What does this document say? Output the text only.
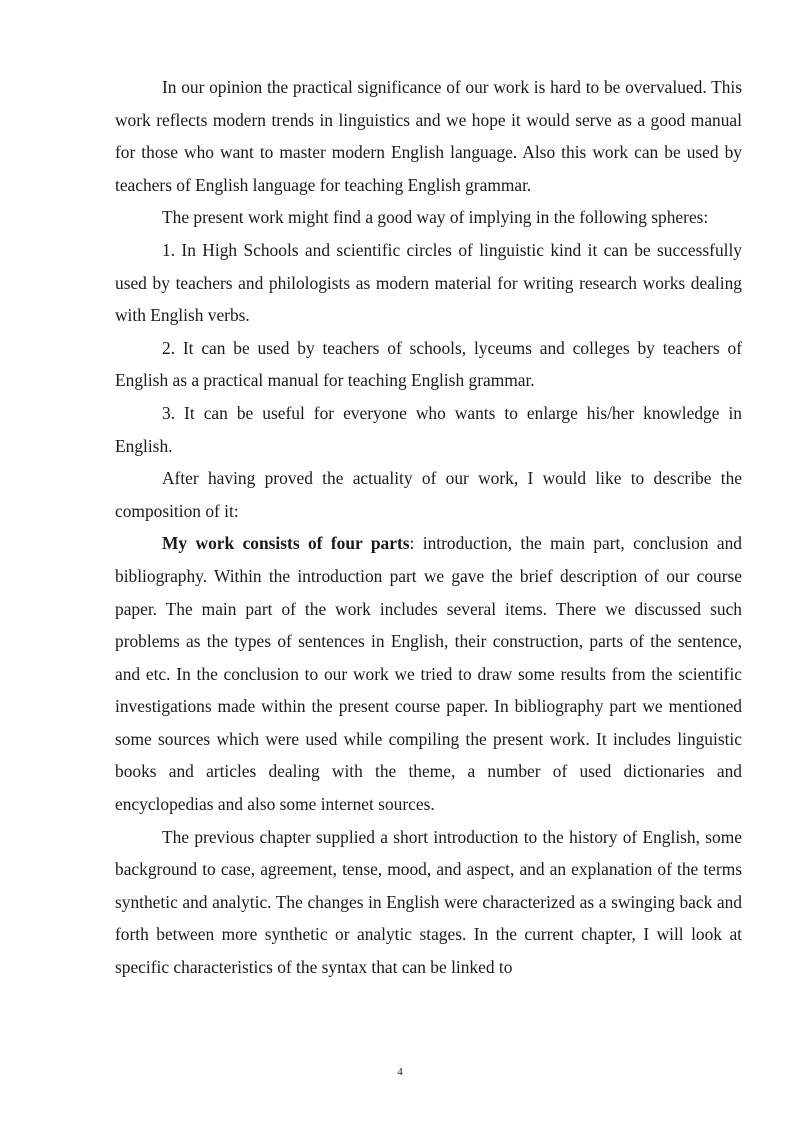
In our opinion the practical significance of our work is hard to be overvalued. This work reflects modern trends in linguistics and we hope it would serve as a good manual for those who want to master modern English language. Also this work can be used by teachers of English language for teaching English grammar.

The present work might find a good way of implying in the following spheres:

1. In High Schools and scientific circles of linguistic kind it can be successfully used by teachers and philologists as modern material for writing research works dealing with English verbs.

2. It can be used by teachers of schools, lyceums and colleges by teachers of English as a practical manual for teaching English grammar.

3. It can be useful for everyone who wants to enlarge his/her knowledge in English.

After having proved the actuality of our work, I would like to describe the composition of it:

My work consists of four parts: introduction, the main part, conclusion and bibliography. Within the introduction part we gave the brief description of our course paper. The main part of the work includes several items. There we discussed such problems as the types of sentences in English, their construction, parts of the sentence, and etc. In the conclusion to our work we tried to draw some results from the scientific investigations made within the present course paper. In bibliography part we mentioned some sources which were used while compiling the present work. It includes linguistic books and articles dealing with the theme, a number of used dictionaries and encyclopedias and also some internet sources.

The previous chapter supplied a short introduction to the history of English, some background to case, agreement, tense, mood, and aspect, and an explanation of the terms synthetic and analytic. The changes in English were characterized as a swinging back and forth between more synthetic or analytic stages. In the current chapter, I will look at specific characteristics of the syntax that can be linked to

4
